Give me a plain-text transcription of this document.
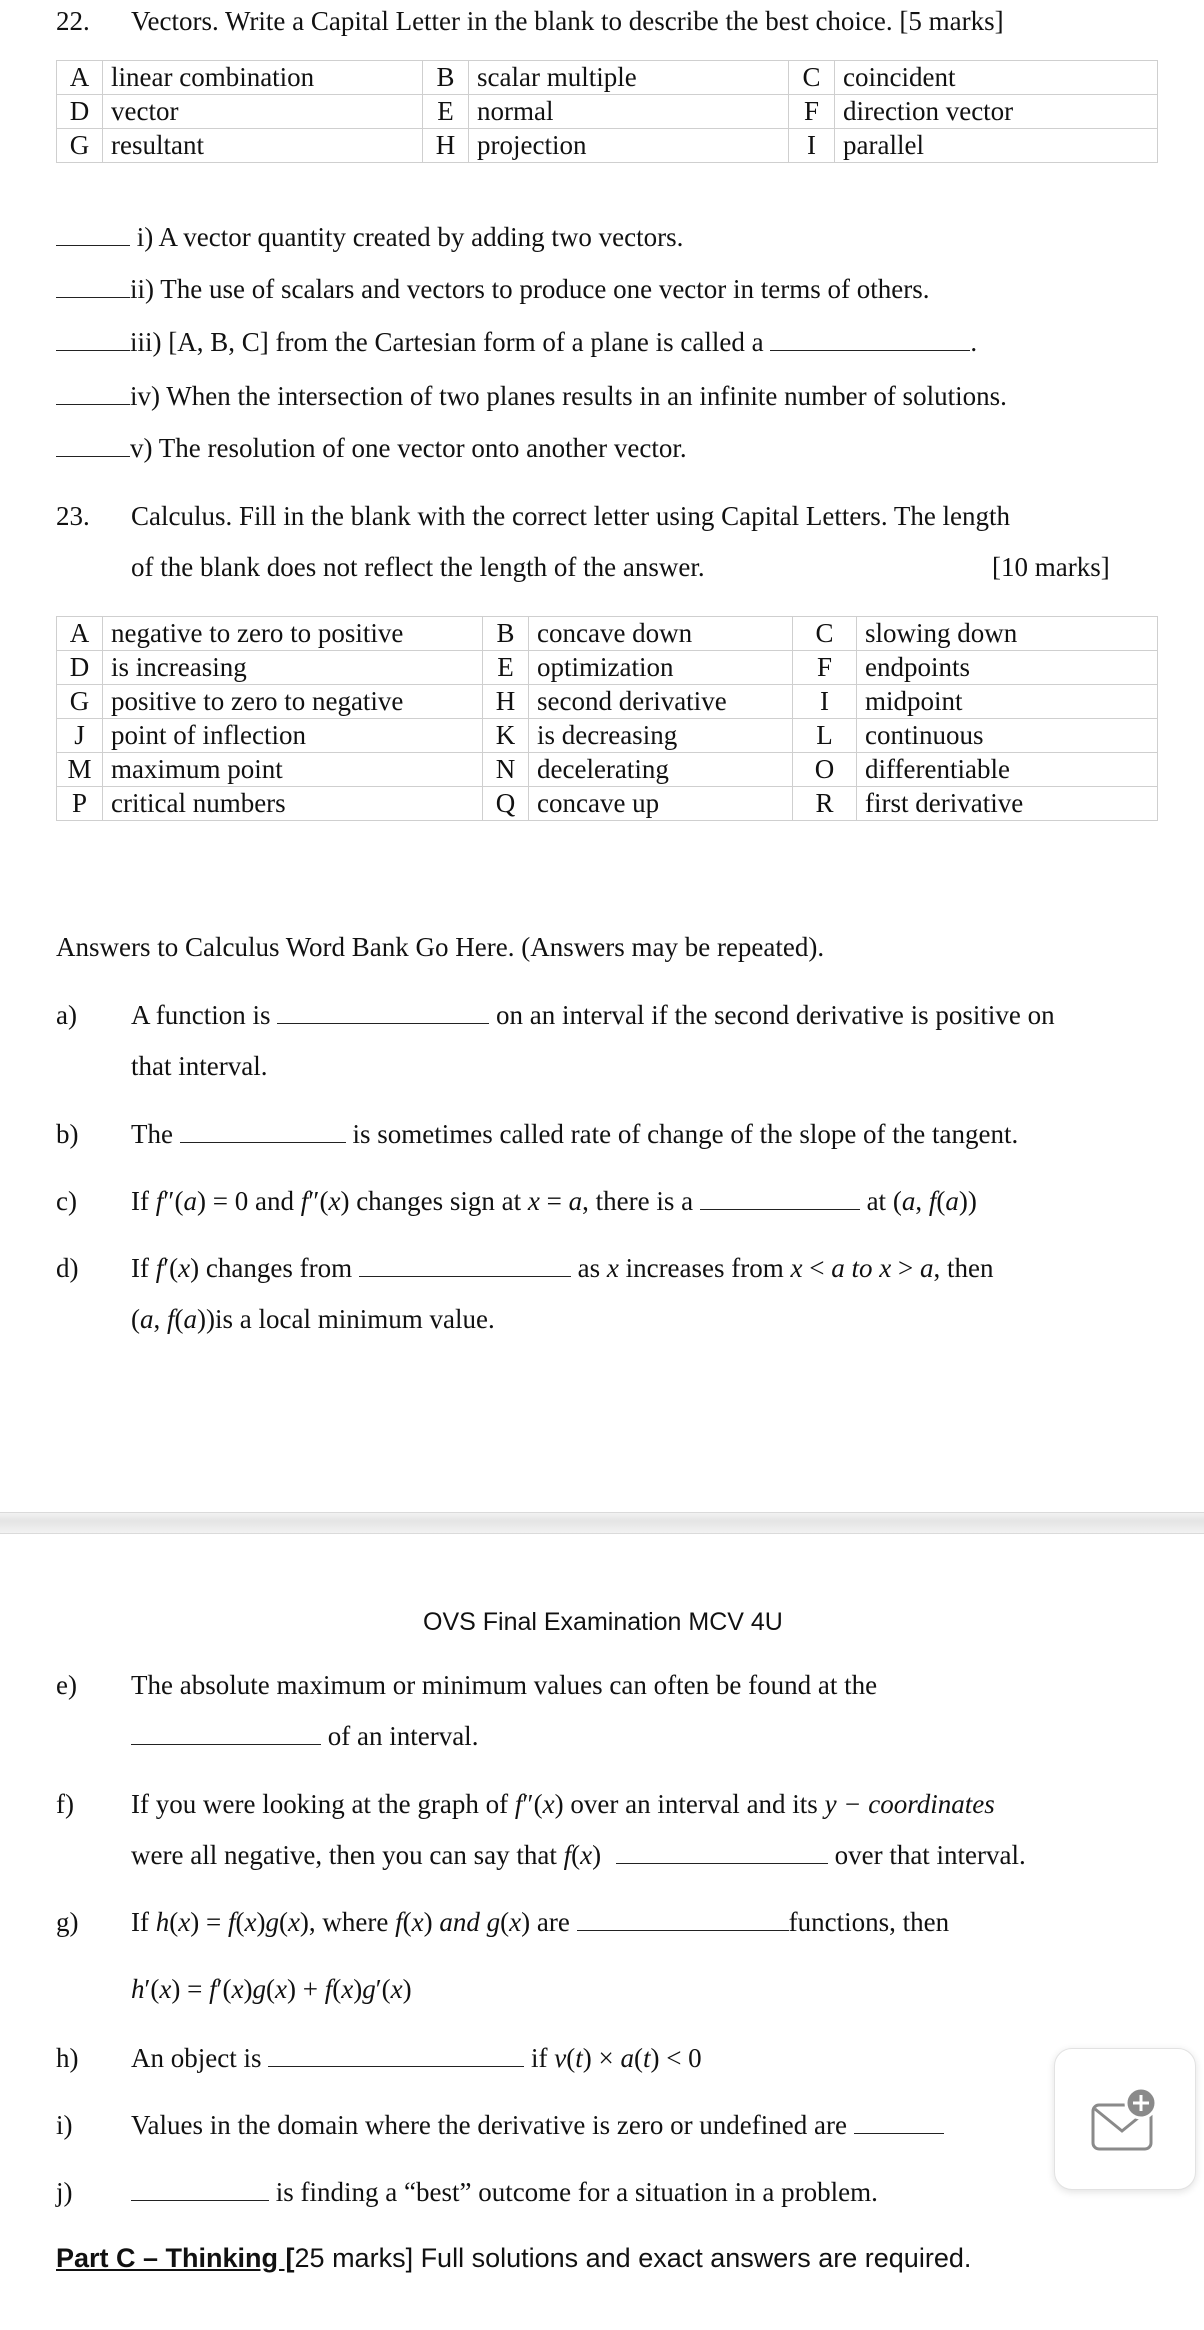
22. Vectors. Write a Capital Letter in the blank to describe the best choice. [5 marks]
A	linear combination	B	scalar multiple	C	coincident
D	vector	E	normal	F	direction vector
G	resultant	H	projection	I	parallel
i) A vector quantity created by adding two vectors.
ii) The use of scalars and vectors to produce one vector in terms of others.
iii) [A, B, C] from the Cartesian form of a plane is called a	.
iv) When the intersection of two planes results in an infinite number of solutions.
v) The resolution of one vector onto another vector.
23. Calculus. Fill in the blank with the correct letter using Capital Letters. The length
of the blank does not reflect the length of the answer.	[10 marks]
A	negative to zero to positive	B	concave down	C	slowing down
D	is increasing	E	optimization	F	endpoints
G	positive to zero to negative	H	second derivative	I	midpoint
J	point of inflection	K	is decreasing	L	continuous
M	maximum point	N	decelerating	O	differentiable
P	critical numbers	Q	concave up	R	first derivative
Answers to Calculus Word Bank Go Here. (Answers may be repeated).
a) A function is	on an interval if the second derivative is positive on
that interval.
b) The	is sometimes called rate of change of the slope of the tangent.
c) If f″(a) = 0 and f″(x) changes sign at x = a, there is a	at (a, f(a))
d) If f′(x) changes from	as x increases from x < a to x > a, then
(a, f(a))is a local minimum value.
OVS Final Examination MCV 4U
e) The absolute maximum or minimum values can often be found at the
of an interval.
f) If you were looking at the graph of f″(x) over an interval and its y − coordinates
were all negative, then you can say that f(x)	over that interval.
g) If h(x) = f(x)g(x), where f(x) and g(x) are	functions, then
h′(x) = f′(x)g(x) + f(x)g′(x)
h) An object is	if v(t) × a(t) < 0
i) Values in the domain where the derivative is zero or undefined are
j)	is finding a “best” outcome for a situation in a problem.
Part C – Thinking [25 marks] Full solutions and exact answers are required.
